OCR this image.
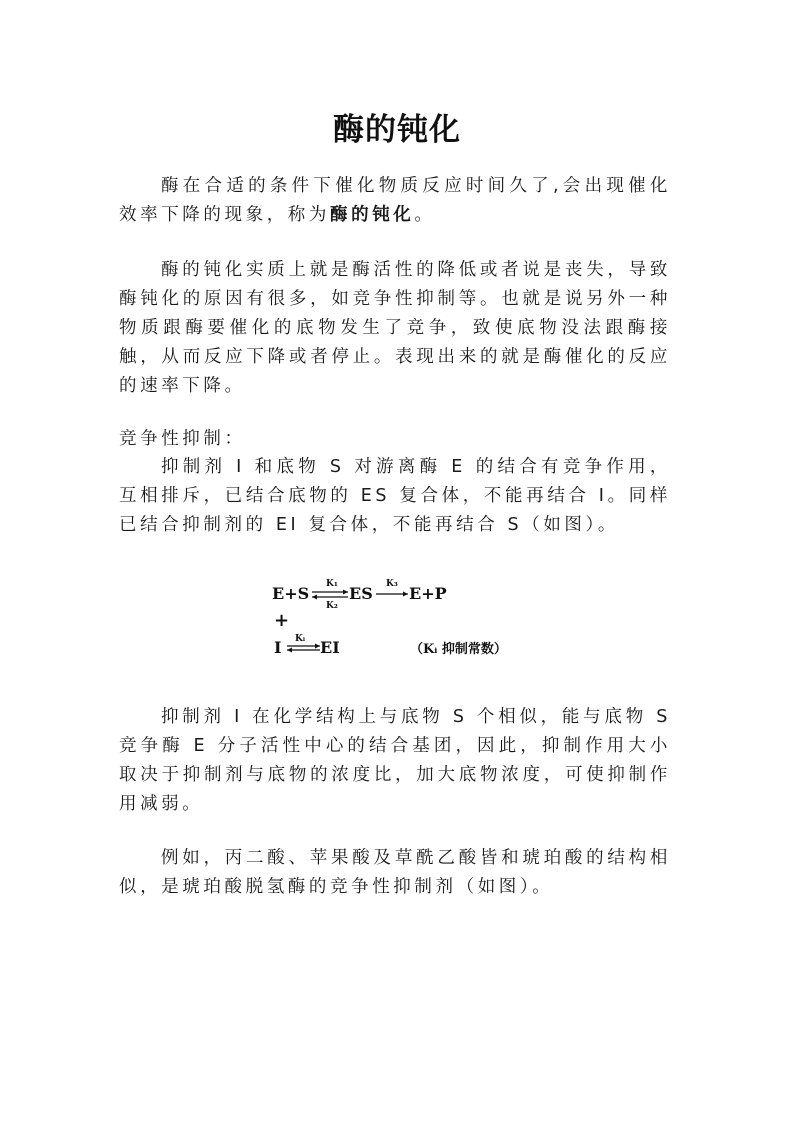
酶的钝化

酶在合适的条件下催化物质反应时间久了,会出现催化效率下降的现象，称为酶的钝化。

酶的钝化实质上就是酶活性的降低或者说是丧失，导致酶钝化的原因有很多，如竞争性抑制等。也就是说另外一种物质跟酶要催化的底物发生了竞争，致使底物没法跟酶接触，从而反应下降或者停止。表现出来的就是酶催化的反应的速率下降。

竞争性抑制：

抑制剂 I 和底物 S 对游离酶 E 的结合有竞争作用，互相排斥，已结合底物的 ES 复合体，不能再结合 I。同样已结合抑制剂的 EI 复合体，不能再结合 S（如图）。

E+S K₁
K₂
ES K₃ E+P
+
I Kᵢ EI	（Kᵢ 抑制常数）

抑制剂 I 在化学结构上与底物 S 个相似，能与底物 S 竞争酶 E 分子活性中心的结合基团，因此，抑制作用大小取决于抑制剂与底物的浓度比，加大底物浓度，可使抑制作用减弱。

例如，丙二酸、苹果酸及草酰乙酸皆和琥珀酸的结构相似，是琥珀酸脱氢酶的竞争性抑制剂（如图）。
